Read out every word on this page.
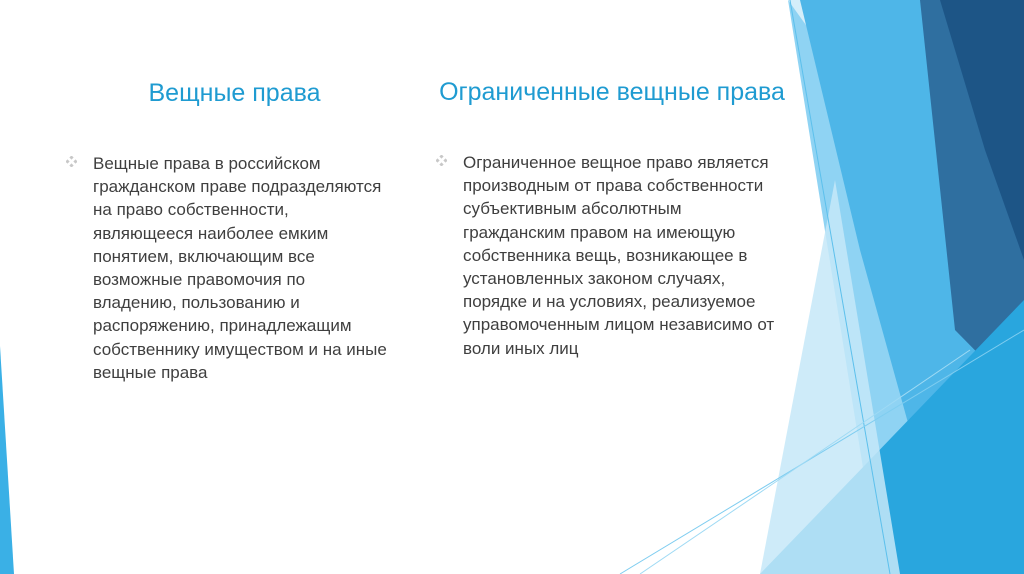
Вещные права
Вещные права в российском гражданском праве подразделяются на право собственности, являющееся наиболее емким понятием, включающим все возможные правомочия по владению, пользованию и распоряжению, принадлежащим собственнику имуществом и на иные вещные права
Ограниченные вещные права
Ограниченное вещное право является производным от права собственности субъективным абсолютным гражданским правом на имеющую собственника вещь, возникающее в установленных законом случаях, порядке и на условиях, реализуемое управомоченным лицом независимо от воли иных лиц
